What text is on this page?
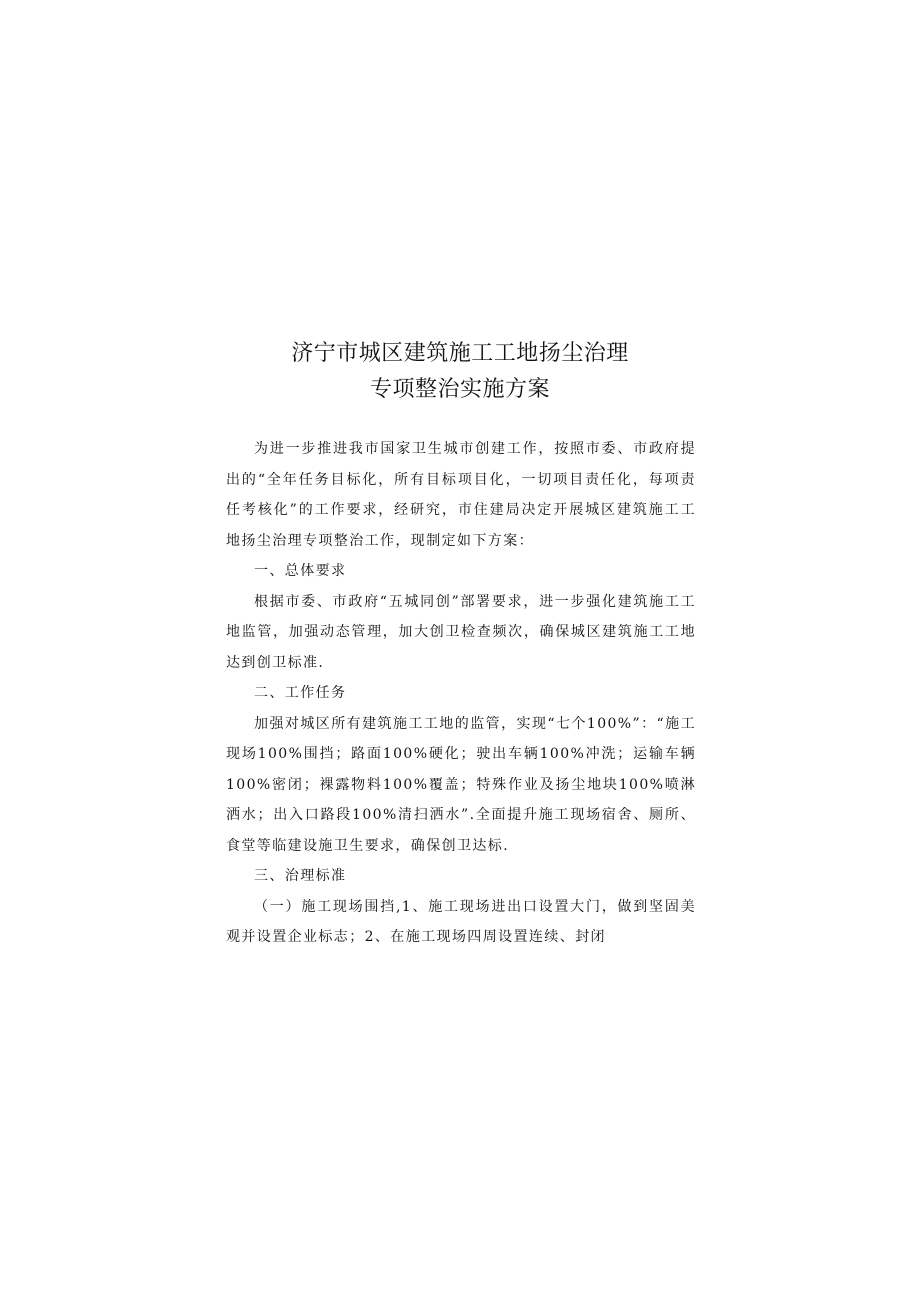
济宁市城区建筑施工工地扬尘治理
专项整治实施方案

为进一步推进我市国家卫生城市创建工作，按照市委、市政府提出的“全年任务目标化，所有目标项目化，一切项目责任化，每项责任考核化”的工作要求，经研究，市住建局决定开展城区建筑施工工地扬尘治理专项整治工作，现制定如下方案：

一、总体要求

根据市委、市政府“五城同创”部署要求，进一步强化建筑施工工地监管，加强动态管理，加大创卫检查频次，确保城区建筑施工工地达到创卫标准.

二、工作任务

加强对城区所有建筑施工工地的监管，实现“七个100%”：“施工现场100%围挡；路面100%硬化；驶出车辆100%冲洗；运输车辆100%密闭；裸露物料100%覆盖；特殊作业及扬尘地块100%喷淋洒水；出入口路段100%清扫洒水”.全面提升施工现场宿舍、厕所、食堂等临建设施卫生要求，确保创卫达标.

三、治理标准

（一）施工现场围挡,1、施工现场进出口设置大门，做到坚固美观并设置企业标志；2、在施工现场四周设置连续、封闭
